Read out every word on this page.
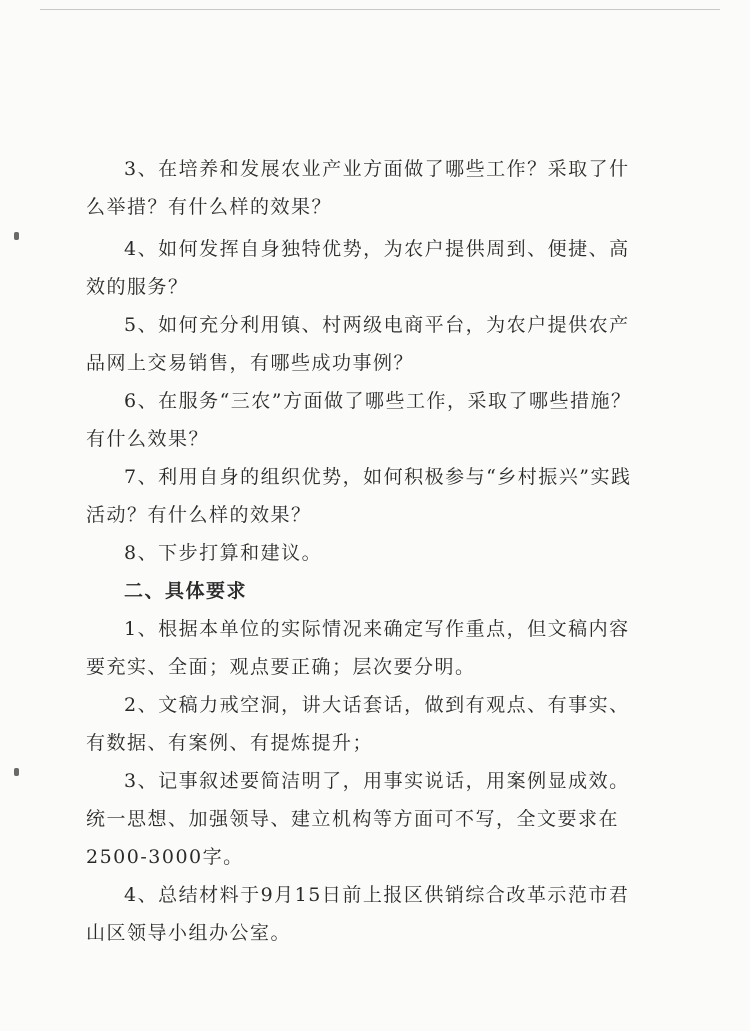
3、在培养和发展农业产业方面做了哪些工作？采取了什么举措？有什么样的效果？

4、如何发挥自身独特优势，为农户提供周到、便捷、高效的服务？

5、如何充分利用镇、村两级电商平台，为农户提供农产品网上交易销售，有哪些成功事例？

6、在服务“三农”方面做了哪些工作，采取了哪些措施？有什么效果？

7、利用自身的组织优势，如何积极参与“乡村振兴”实践活动？有什么样的效果？

8、下步打算和建议。

二、具体要求

1、根据本单位的实际情况来确定写作重点，但文稿内容要充实、全面；观点要正确；层次要分明。

2、文稿力戒空洞，讲大话套话，做到有观点、有事实、有数据、有案例、有提炼提升；

3、记事叙述要简洁明了，用事实说话，用案例显成效。统一思想、加强领导、建立机构等方面可不写，全文要求在2500-3000字。

4、总结材料于9月15日前上报区供销综合改革示范市君山区领导小组办公室。
